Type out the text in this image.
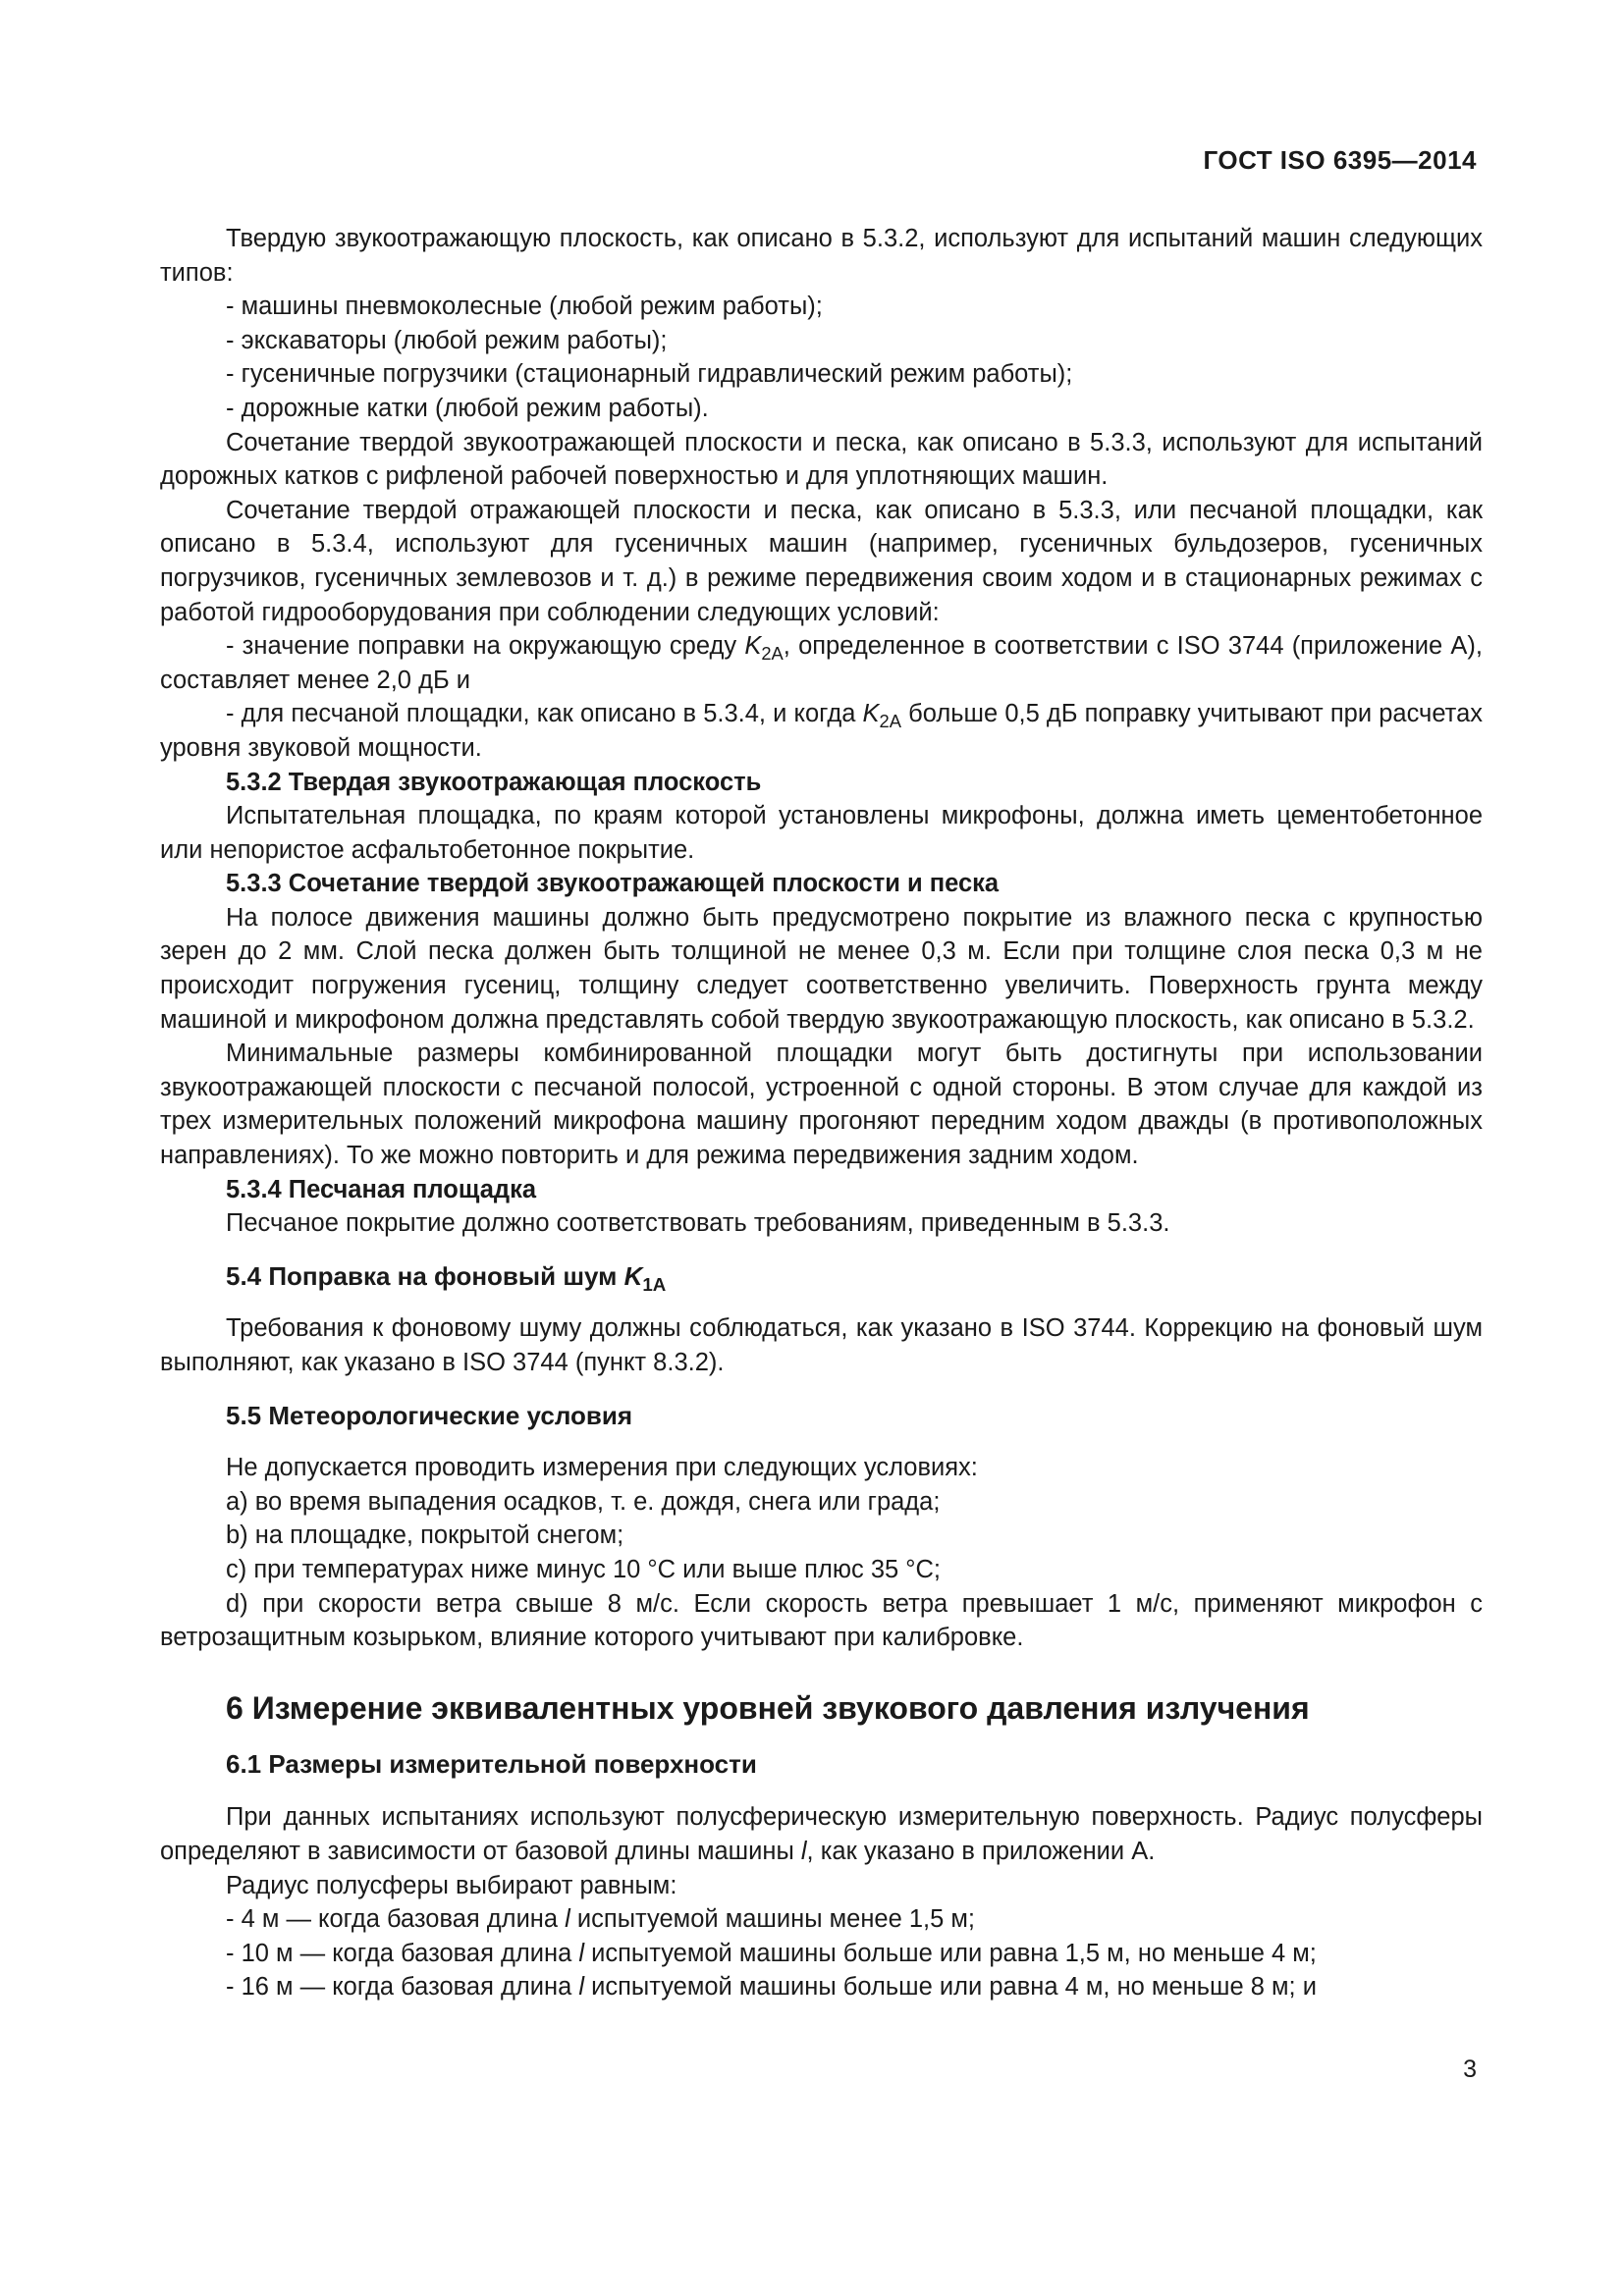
ГОСТ ISO 6395—2014

Твердую звукоотражающую плоскость, как описано в 5.3.2, используют для испытаний машин следующих типов:

- машины пневмоколесные (любой режим работы);

- экскаваторы (любой режим работы);

- гусеничные погрузчики (стационарный гидравлический режим работы);

- дорожные катки (любой режим работы).

Сочетание твердой звукоотражающей плоскости и песка, как описано в 5.3.3, используют для испытаний дорожных катков с рифленой рабочей поверхностью и для уплотняющих машин.

Сочетание твердой отражающей плоскости и песка, как описано в 5.3.3, или песчаной площадки, как описано в 5.3.4, используют для гусеничных машин (например, гусеничных бульдозеров, гусеничных погрузчиков, гусеничных землевозов и т. д.) в режиме передвижения своим ходом и в стационарных режимах с работой гидрооборудования при соблюдении следующих условий:

- значение поправки на окружающую среду $K_{2A}$, определенное в соответствии с ISO 3744 (приложение А), составляет менее 2,0 дБ и

- для песчаной площадки, как описано в 5.3.4, и когда $K_{2A}$ больше 0,5 дБ поправку учитывают при расчетах уровня звуковой мощности.

5.3.2 Твердая звукоотражающая плоскость

Испытательная площадка, по краям которой установлены микрофоны, должна иметь цементобетонное или непористое асфальтобетонное покрытие.

5.3.3 Сочетание твердой звукоотражающей плоскости и песка

На полосе движения машины должно быть предусмотрено покрытие из влажного песка с крупностью зерен до 2 мм. Слой песка должен быть толщиной не менее 0,3 м. Если при толщине слоя песка 0,3 м не происходит погружения гусениц, толщину следует соответственно увеличить. Поверхность грунта между машиной и микрофоном должна представлять собой твердую звукоотражающую плоскость, как описано в 5.3.2.

Минимальные размеры комбинированной площадки могут быть достигнуты при использовании звукоотражающей плоскости с песчаной полосой, устроенной с одной стороны. В этом случае для каждой из трех измерительных положений микрофона машину прогоняют передним ходом дважды (в противоположных направлениях). То же можно повторить и для режима передвижения задним ходом.

5.3.4 Песчаная площадка

Песчаное покрытие должно соответствовать требованиям, приведенным в 5.3.3.

5.4 Поправка на фоновый шум $K_{1A}$

Требования к фоновому шуму должны соблюдаться, как указано в ISO 3744. Коррекцию на фоновый шум выполняют, как указано в ISO 3744 (пункт 8.3.2).

5.5 Метеорологические условия

Не допускается проводить измерения при следующих условиях:

а) во время выпадения осадков, т. е. дождя, снега или града;

b) на площадке, покрытой снегом;

с) при температурах ниже минус 10 °С или выше плюс 35 °С;

d) при скорости ветра свыше 8 м/с. Если скорость ветра превышает 1 м/с, применяют микрофон с ветрозащитным козырьком, влияние которого учитывают при калибровке.

6 Измерение эквивалентных уровней звукового давления излучения

6.1 Размеры измерительной поверхности

При данных испытаниях используют полусферическую измерительную поверхность. Радиус полусферы определяют в зависимости от базовой длины машины l, как указано в приложении А.

Радиус полусферы выбирают равным:

- 4 м — когда базовая длина l испытуемой машины менее 1,5 м;

- 10 м — когда базовая длина l испытуемой машины больше или равна 1,5 м, но меньше 4 м;

- 16 м — когда базовая длина l испытуемой машины больше или равна 4 м, но меньше 8 м; и

3
